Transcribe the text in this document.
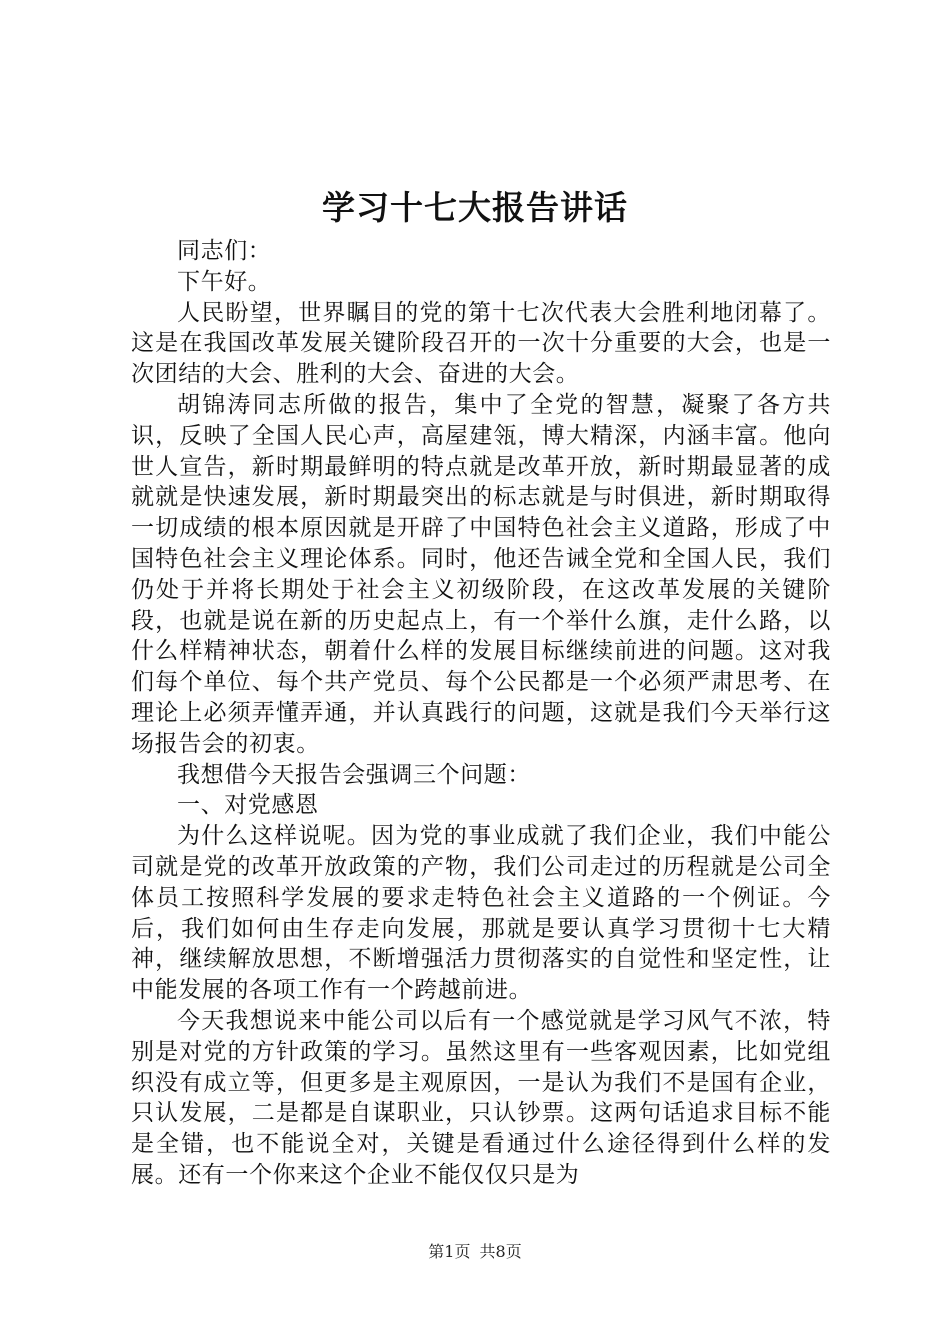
学习十七大报告讲话

同志们：

下午好。

人民盼望，世界瞩目的党的第十七次代表大会胜利地闭幕了。这是在我国改革发展关键阶段召开的一次十分重要的大会，也是一次团结的大会、胜利的大会、奋进的大会。

胡锦涛同志所做的报告，集中了全党的智慧，凝聚了各方共识，反映了全国人民心声，高屋建瓴，博大精深，内涵丰富。他向世人宣告，新时期最鲜明的特点就是改革开放，新时期最显著的成就就是快速发展，新时期最突出的标志就是与时俱进，新时期取得一切成绩的根本原因就是开辟了中国特色社会主义道路，形成了中国特色社会主义理论体系。同时，他还告诫全党和全国人民，我们仍处于并将长期处于社会主义初级阶段，在这改革发展的关键阶段，也就是说在新的历史起点上，有一个举什么旗，走什么路，以什么样精神状态，朝着什么样的发展目标继续前进的问题。这对我们每个单位、每个共产党员、每个公民都是一个必须严肃思考、在理论上必须弄懂弄通，并认真践行的问题，这就是我们今天举行这场报告会的初衷。

我想借今天报告会强调三个问题：

一、对党感恩

为什么这样说呢。因为党的事业成就了我们企业，我们中能公司就是党的改革开放政策的产物，我们公司走过的历程就是公司全体员工按照科学发展的要求走特色社会主义道路的一个例证。今后，我们如何由生存走向发展，那就是要认真学习贯彻十七大精神，继续解放思想，不断增强活力贯彻落实的自觉性和坚定性，让中能发展的各项工作有一个跨越前进。

今天我想说来中能公司以后有一个感觉就是学习风气不浓，特别是对党的方针政策的学习。虽然这里有一些客观因素，比如党组织没有成立等，但更多是主观原因，一是认为我们不是国有企业，只认发展，二是都是自谋职业，只认钞票。这两句话追求目标不能是全错，也不能说全对，关键是看通过什么途径得到什么样的发展。还有一个你来这个企业不能仅仅只是为

第1页 共8页
